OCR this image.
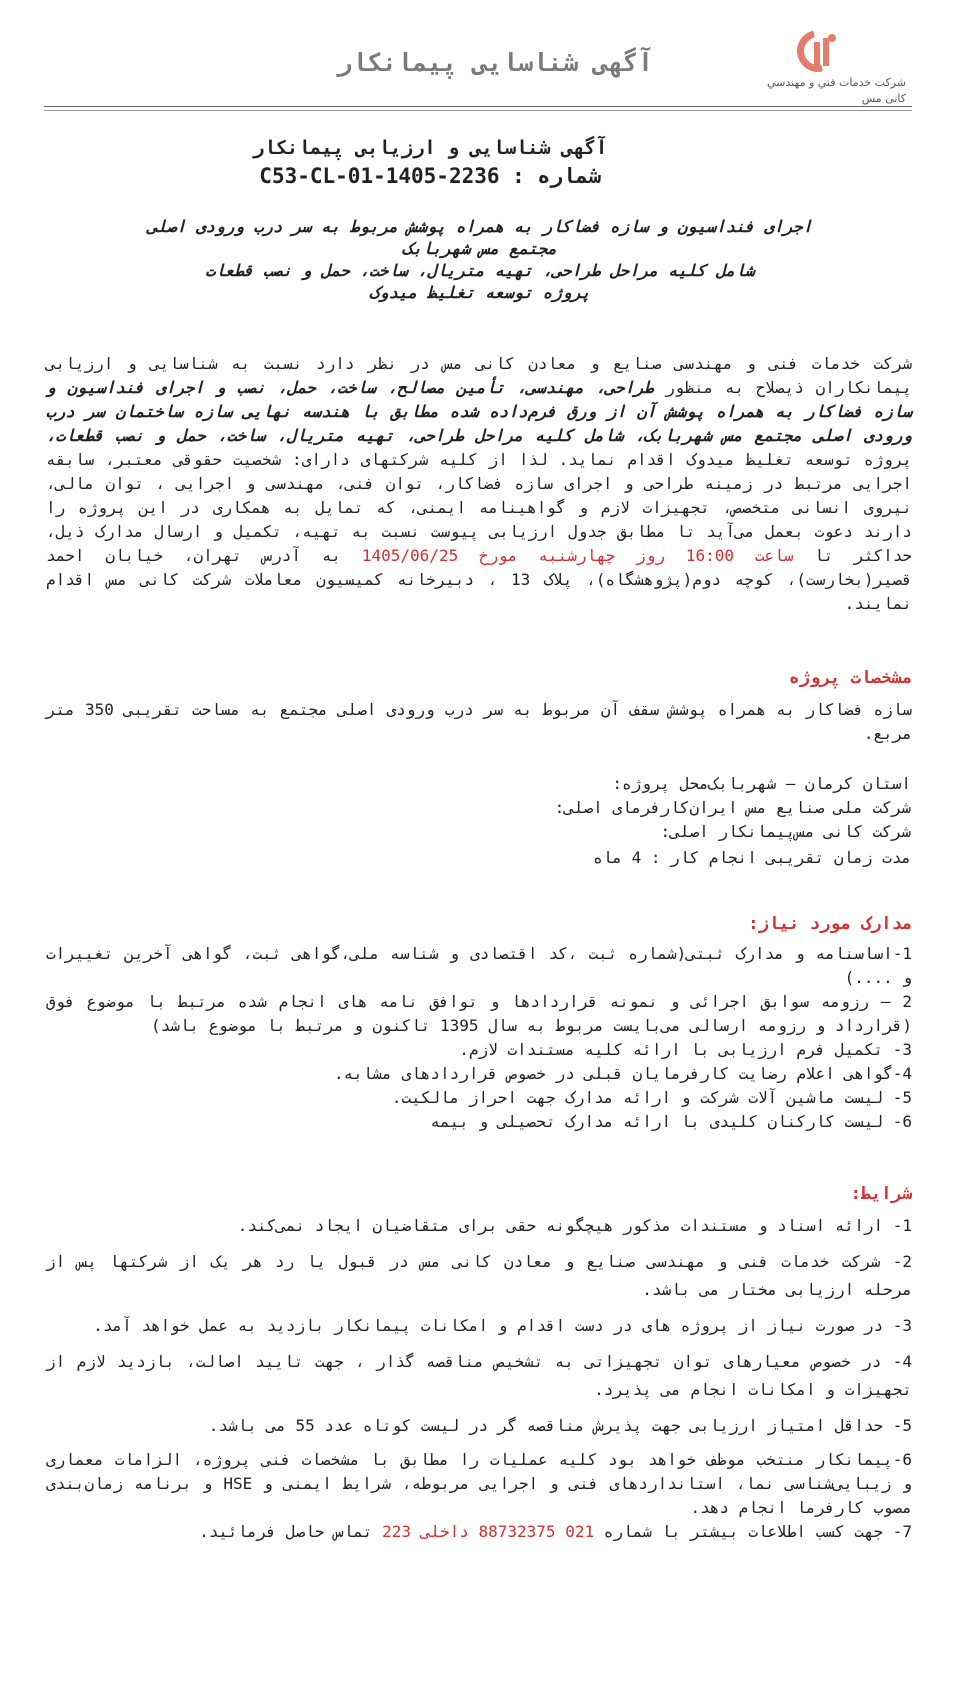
شرکت خدمات فني و مهندسي
کانی مس
آگهی شناسایی پیمانکار
آگهی شناسایی و ارزیابی پیمانکار
شماره : C53-CL-01-1405-2236
اجرای فنداسیون و سازه فضاکار به همراه پوشش مربوط به سر درب ورودی اصلی
مجتمع مس شهربابک
شامل کلیه مراحل طراحی، تهیه متریال، ساخت، حمل و نصب قطعات
پروژه توسعه تغلیظ میدوک
شرکت خدمات فنی و مهندسی صنایع و معادن کانی مس در نظر دارد نسبت به شناسایی و ارزیابی پیمانکاران ذیصلاح به منظور طراحی، مهندسی، تأمین مصالح، ساخت، حمل، نصب و اجرای فنداسیون و سازه فضاکار به همراه پوشش آن از ورق فرم‌داده شده مطابق با هندسه نهایی سازه ساختمان سر درب ورودی اصلی مجتمع مس شهربابک، شامل کلیه مراحل طراحی، تهیه متریال، ساخت، حمل و نصب قطعات، پروژه توسعه تغلیظ میدوک اقدام نماید. لذا از کلیه شرکتهای دارای: شخصیت حقوقی معتبر، سابقه اجرایی مرتبط در زمینه طراحی و اجرای سازه فضاکار، توان فنی، مهندسی و اجرایی ، توان مالی، نیروی انسانی متخصص، تجهیزات لازم و گواهینامه ایمنی، که تمایل به همکاری در این پروژه را دارند دعوت بعمل می‌آید تا مطابق جدول ارزیابی پیوست نسبت به تهیه، تکمیل و ارسال مدارک ذیل، حداکثر تا ساعت 16:00 روز چهارشنبه مورخ 1405/06/25 به آدرس تهران، خیابان احمد قصیر(بخارست)، کوچه دوم(پژوهشگاه)، پلاک 13 ، دبیرخانه کمیسیون معاملات شرکت کانی مس اقدام نمایند.
مشخصات پروژه
سازه فضاکار به همراه پوشش سقف آن مربوط به سر درب ورودی اصلی مجتمع به مساحت تقریبی 350 متر مربع.
محل پروژه:استان کرمان – شهربابک
کارفرمای اصلی:شرکت ملی صنایع مس ایران
پیمانکار اصلی:شرکت کانی مس
مدت زمان تقریبی انجام کار : 4 ماه
مدارک مورد نیاز:
1-اساسنامه و مدارک ثبتی(شماره ثبت ،کد اقتصادی و شناسه ملی،گواهی ثبت، گواهی آخرین تغییرات و ....)
2 – رزومه سوابق اجرائی و نمونه قراردادها و توافق نامه های انجام شده مرتبط با موضوع فوق (قرارداد و رزومه ارسالی می‌بایست مربوط به سال 1395 تاکنون و مرتبط با موضوع باشد)
3- تکمیل فرم ارزیابی با ارائه کلیه مستندات لازم.
4-گواهی اعلام رضایت کارفرمایان قبلی در خصوص قراردادهای مشابه.
5- لیست ماشین آلات شرکت و ارائه مدارک جهت احراز مالکیت.
6- لیست کارکنان کلیدی با ارائه مدارک تحصیلی و بیمه
شرایط:
1- ارائه اسناد و مستندات مذکور هیچگونه حقی برای متقاضیان ایجاد نمی‌کند.
2- شرکت خدمات فنی و مهندسی صنایع و معادن کانی مس در قبول یا رد هر یک از شرکتها پس از مرحله ارزیابی مختار می باشد.
3- در صورت نیاز از پروژه های در دست اقدام و امکانات پیمانکار بازدید به عمل خواهد آمد.
4- در خصوص معیارهای توان تجهیزاتی به تشخیص مناقصه گذار ، جهت تایید اصالت، بازدید لازم از تجهیزات و امکانات انجام می پذیرد.
5- حداقل امتیاز ارزیابی جهت پذیرش مناقصه گر در لیست کوتاه عدد 55 می باشد.
6-پیمانکار منتخب موظف خواهد بود کلیه عملیات را مطابق با مشخصات فنی پروژه، الزامات معماری و زیبایی‌شناسی نما، استانداردهای فنی و اجرایی مربوطه، شرایط ایمنی و HSE و برنامه زمان‌بندی مصوب کارفرما انجام دهد.
7- جهت کسب اطلاعات بیشتر با شماره 021 88732375 داخلی 223 تماس حاصل فرمائید.
